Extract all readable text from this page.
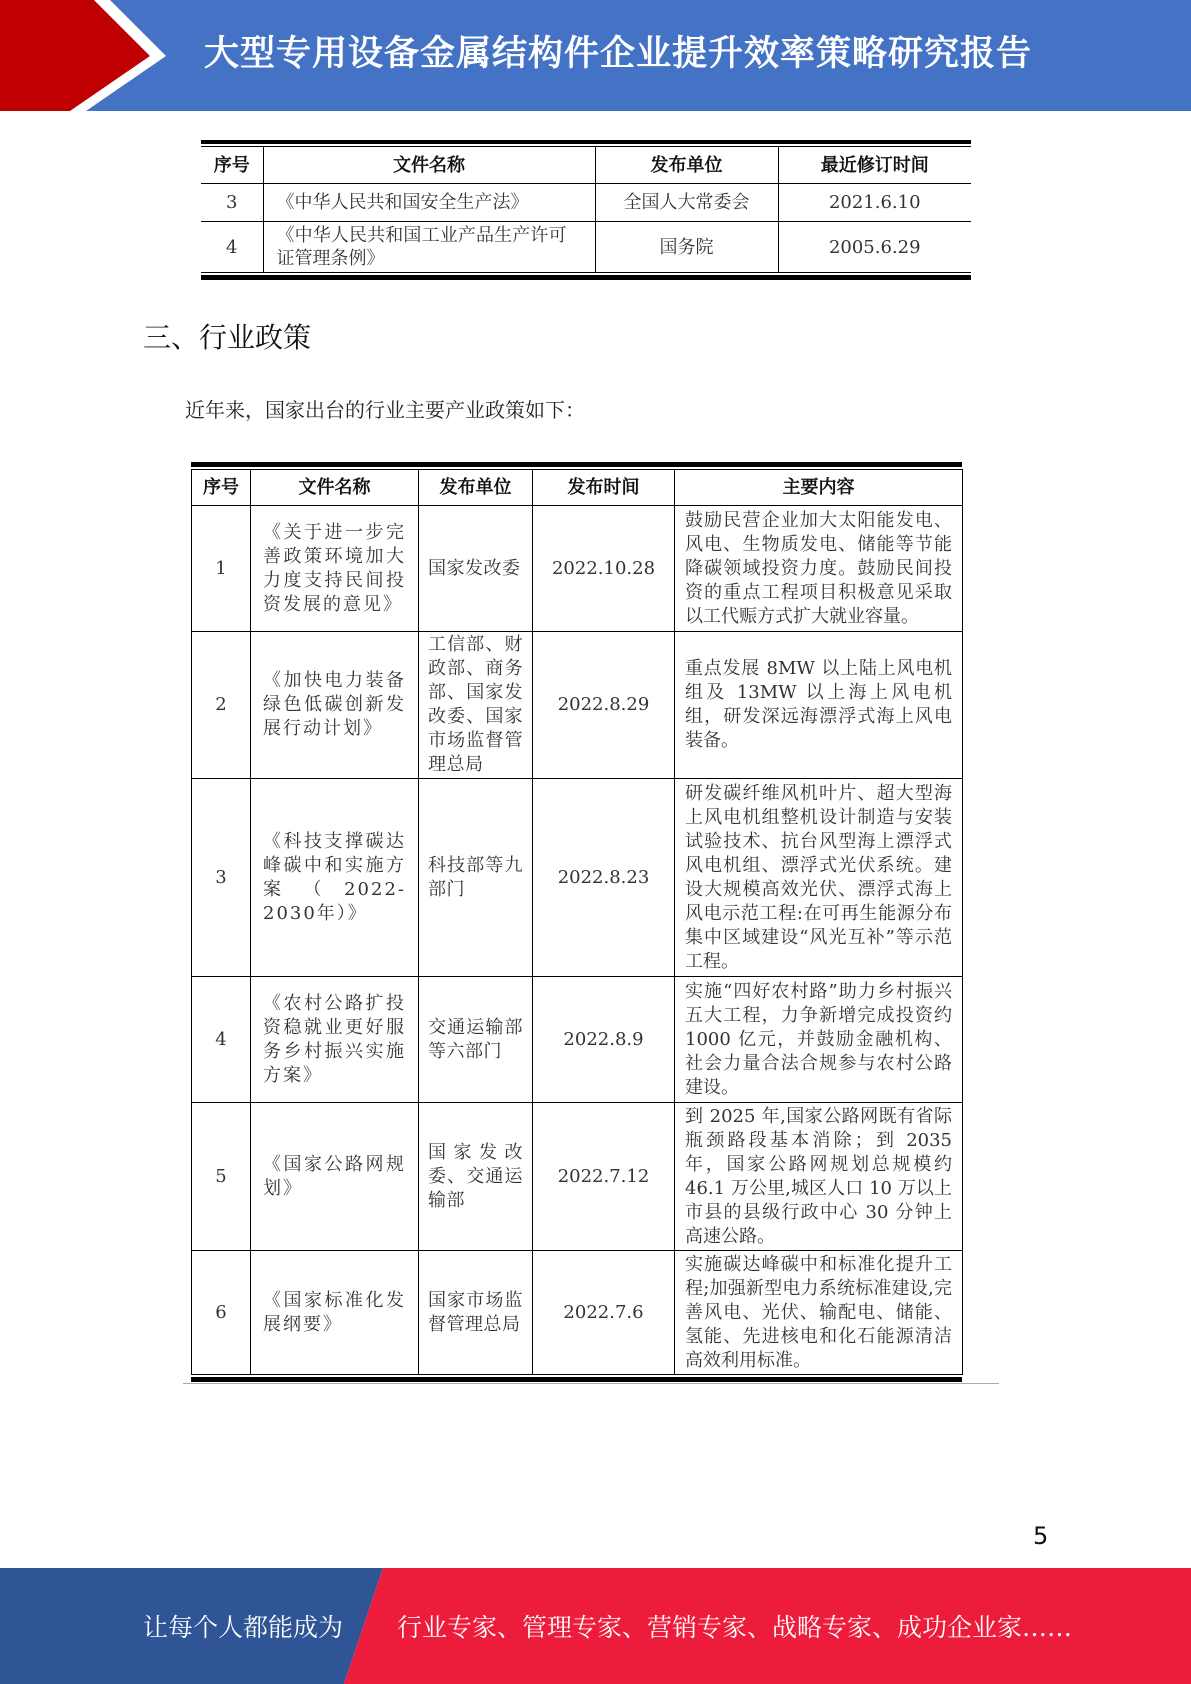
大型专用设备金属结构件企业提升效率策略研究报告
序号	文件名称	发布单位	最近修订时间
3	《中华人民共和国安全生产法》	全国人大常委会	2021.6.10
4	《中华人民共和国工业产品生产许可证管理条例》	国务院	2005.6.29
三、行业政策
近年来，国家出台的行业主要产业政策如下：
序号	文件名称	发布单位	发布时间	主要内容
1	《关于进一步完善政策环境加大力度支持民间投资发展的意见》	国家发改委	2022.10.28	鼓励民营企业加大太阳能发电、风电、生物质发电、储能等节能降碳领域投资力度。鼓励民间投资的重点工程项目积极意见采取以工代赈方式扩大就业容量。
2	《加快电力装备绿色低碳创新发展行动计划》	工信部、财政部、商务部、国家发改委、国家市场监督管理总局	2022.8.29	重点发展 8MW 以上陆上风电机组及 13MW 以上海上风电机组，研发深远海漂浮式海上风电装备。
3	《科技支撑碳达峰碳中和实施方案（2022-2030年）》	科技部等九部门	2022.8.23	研发碳纤维风机叶片、超大型海上风电机组整机设计制造与安装试验技术、抗台风型海上漂浮式风电机组、漂浮式光伏系统。建设大规模高效光伏、漂浮式海上风电示范工程:在可再生能源分布集中区域建设“风光互补”等示范工程。
4	《农村公路扩投资稳就业更好服务乡村振兴实施方案》	交通运输部等六部门	2022.8.9	实施“四好农村路”助力乡村振兴五大工程，力争新增完成投资约 1000 亿元，并鼓励金融机构、社会力量合法合规参与农村公路建设。
5	《国家公路网规划》	国家发改委、交通运输部	2022.7.12	到 2025 年,国家公路网既有省际瓶颈路段基本消除；到 2035 年，国家公路网规划总规模约 46.1 万公里,城区人口 10 万以上市县的县级行政中心 30 分钟上高速公路。
6	《国家标准化发展纲要》	国家市场监督管理总局	2022.7.6	实施碳达峰碳中和标准化提升工程;加强新型电力系统标准建设,完善风电、光伏、输配电、储能、氢能、先进核电和化石能源清洁高效利用标准。
5
让每个人都能成为 行业专家、管理专家、营销专家、战略专家、成功企业家……
